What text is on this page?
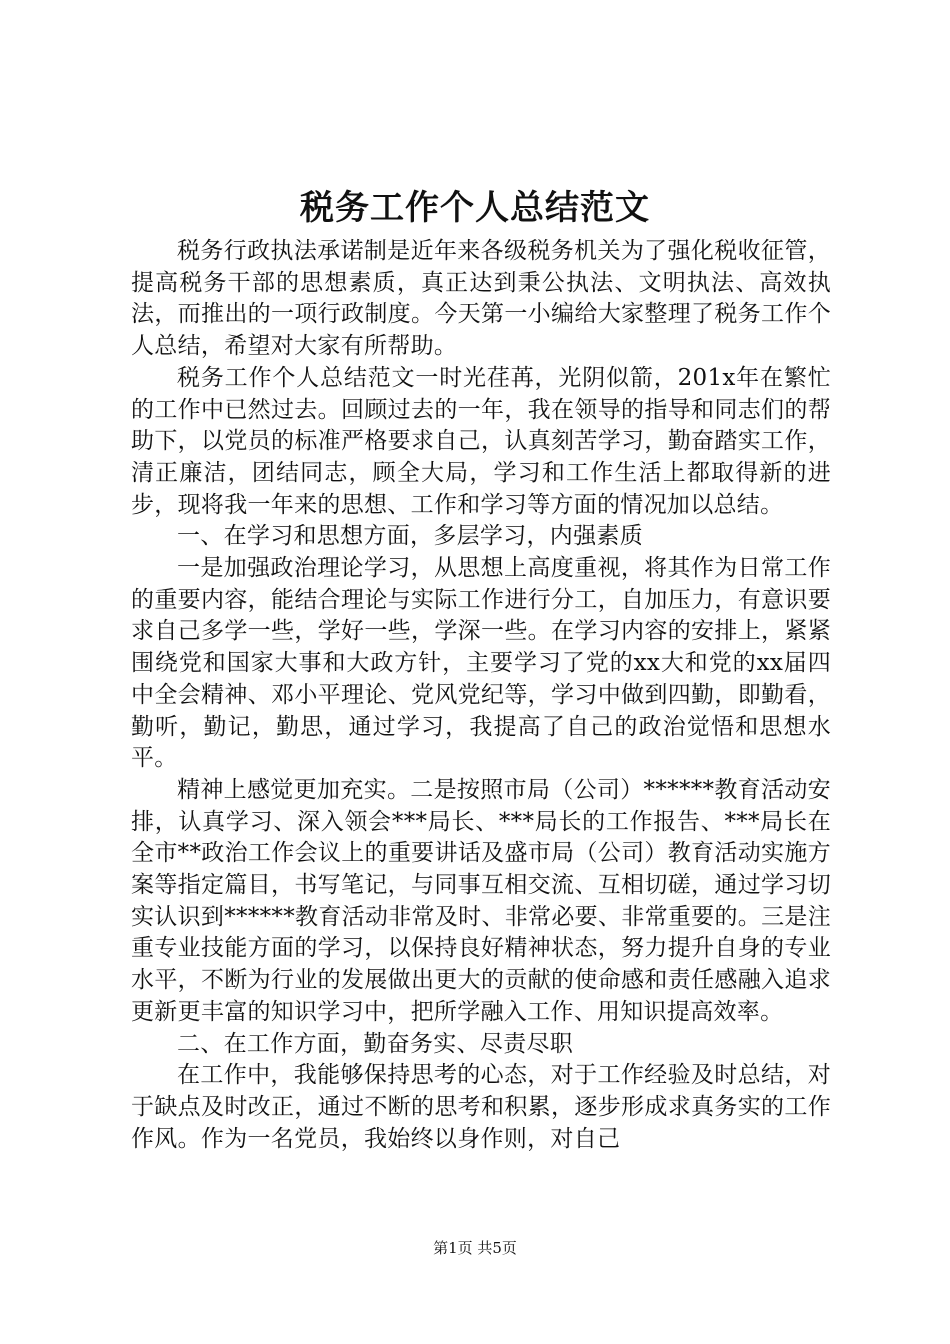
税务工作个人总结范文

税务行政执法承诺制是近年来各级税务机关为了强化税收征管，提高税务干部的思想素质，真正达到秉公执法、文明执法、高效执法，而推出的一项行政制度。今天第一小编给大家整理了税务工作个人总结，希望对大家有所帮助。

税务工作个人总结范文一时光荏苒，光阴似箭，201x年在繁忙的工作中已然过去。回顾过去的一年，我在领导的指导和同志们的帮助下，以党员的标准严格要求自己，认真刻苦学习，勤奋踏实工作，清正廉洁，团结同志，顾全大局，学习和工作生活上都取得新的进步，现将我一年来的思想、工作和学习等方面的情况加以总结。

一、在学习和思想方面，多层学习，内强素质

一是加强政治理论学习，从思想上高度重视，将其作为日常工作的重要内容，能结合理论与实际工作进行分工，自加压力，有意识要求自己多学一些，学好一些，学深一些。在学习内容的安排上，紧紧围绕党和国家大事和大政方针，主要学习了党的xx大和党的xx届四中全会精神、邓小平理论、党风党纪等，学习中做到四勤，即勤看，勤听，勤记，勤思，通过学习，我提高了自己的政治觉悟和思想水平。

精神上感觉更加充实。二是按照市局（公司）******教育活动安排，认真学习、深入领会***局长、***局长的工作报告、***局长在全市**政治工作会议上的重要讲话及盛市局（公司）教育活动实施方案等指定篇目，书写笔记，与同事互相交流、互相切磋，通过学习切实认识到******教育活动非常及时、非常必要、非常重要的。三是注重专业技能方面的学习，以保持良好精神状态，努力提升自身的专业水平，不断为行业的发展做出更大的贡献的使命感和责任感融入追求更新更丰富的知识学习中，把所学融入工作、用知识提高效率。

二、在工作方面，勤奋务实、尽责尽职

在工作中，我能够保持思考的心态，对于工作经验及时总结，对于缺点及时改正，通过不断的思考和积累，逐步形成求真务实的工作作风。作为一名党员，我始终以身作则，对自己

第1页 共5页
